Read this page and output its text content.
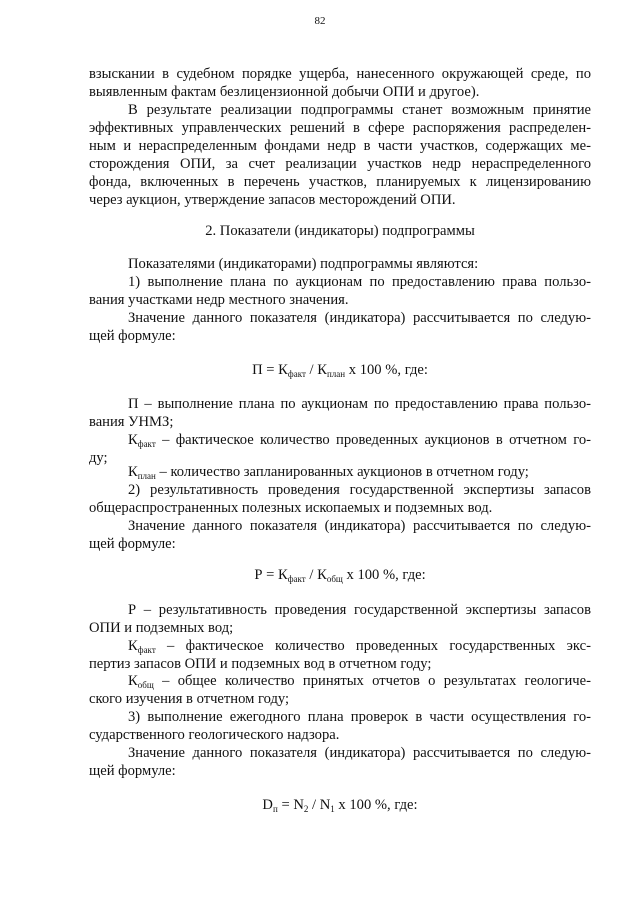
82
взыскании в судебном порядке ущерба, нанесенного окружающей среде, по
выявленным фактам безлицензионной добычи ОПИ и другое).
В результате реализации подпрограммы станет возможным принятие
эффективных управленческих решений в сфере распоряжения распределен-
ным и нераспределенным фондами недр в части участков, содержащих ме-
сторождения ОПИ, за счет реализации участков недр нераспределенного
фонда, включенных в перечень участков, планируемых к лицензированию
через аукцион, утверждение запасов месторождений ОПИ.
2. Показатели (индикаторы) подпрограммы
Показателями (индикаторами) подпрограммы являются:
1) выполнение плана по аукционам по предоставлению права пользо-
вания участками недр местного значения.
Значение данного показателя (индикатора) рассчитывается по следую-
щей формуле:
$П = К_{факт} / К_{план}$ х 100 %, где:
П – выполнение плана по аукционам по предоставлению права пользо-
вания УНМЗ;
$К_{факт}$ – фактическое количество проведенных аукционов в отчетном го-
ду;
$К_{план}$ – количество запланированных аукционов в отчетном году;
2) результативность проведения государственной экспертизы запасов
общераспространенных полезных ископаемых и подземных вод.
Значение данного показателя (индикатора) рассчитывается по следую-
щей формуле:
$Р = К_{факт} / К_{общ}$ х 100 %, где:
Р – результативность проведения государственной экспертизы запасов
ОПИ и подземных вод;
$К_{факт}$ – фактическое количество проведенных государственных экс-
пертиз запасов ОПИ и подземных вод в отчетном году;
$К_{общ}$ – общее количество принятых отчетов о результатах геологиче-
ского изучения в отчетном году;
3) выполнение ежегодного плана проверок в части осуществления го-
сударственного геологического надзора.
Значение данного показателя (индикатора) рассчитывается по следую-
щей формуле:
$D_п = N_2 / N_1$ х 100 %, где:
